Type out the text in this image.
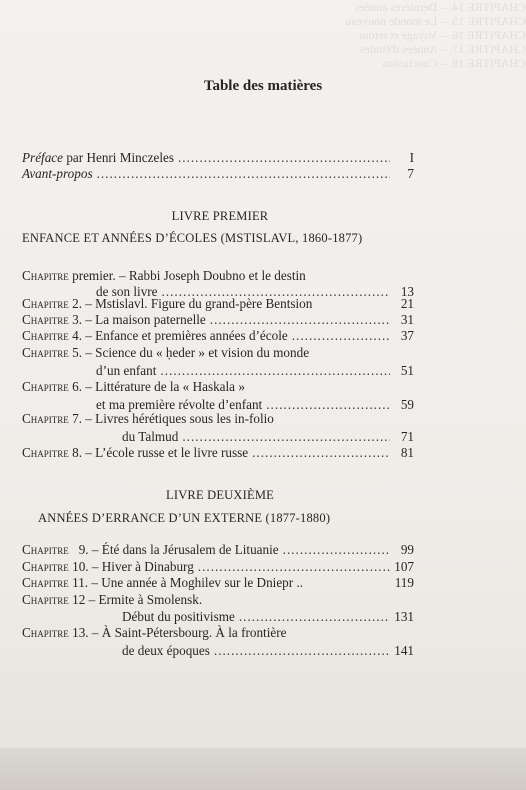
CHAPITRE 14. – Dernières années
CHAPITRE 15. – Le monde nouveau
CHAPITRE 16. – Voyage et retour
CHAPITRE 17. – Années d'études
CHAPITRE 18. – Conclusion
Table des matières
Préface par Henri Minczeles .....	I
Avant-propos .....	7
LIVRE PREMIER
ENFANCE ET ANNÉES D’ÉCOLES (MSTISLAVL, 1860-1877)
Chapitre premier. – Rabbi Joseph Doubno et le destin
de son livre .....	13
Chapitre 2. – Mstislavl. Figure du grand-père Bentsion	21
Chapitre 3. – La maison paternelle .....	31
Chapitre 4. – Enfance et premières années d’école .....	37
Chapitre 5. – Science du « ḥeder » et vision du monde
d’un enfant .....	51
Chapitre 6. – Littérature de la « Haskala »
et ma première révolte d’enfant .....	59
Chapitre 7. – Livres hérétiques sous les in-folio
du Talmud .....	71
Chapitre 8. – L’école russe et le livre russe .....	81
LIVRE DEUXIÈME
ANNÉES D’ERRANCE D’UN EXTERNE (1877-1880)
Chapitre 9. – Été dans la Jérusalem de Lituanie .....	99
Chapitre 10. – Hiver à Dinaburg .....	107
Chapitre 11. – Une année à Moghilev sur le Dniepr ..	119
Chapitre 12 – Ermite à Smolensk.
Début du positivisme .....	131
Chapitre 13. – À Saint-Pétersbourg. À la frontière
de deux époques .....	141
